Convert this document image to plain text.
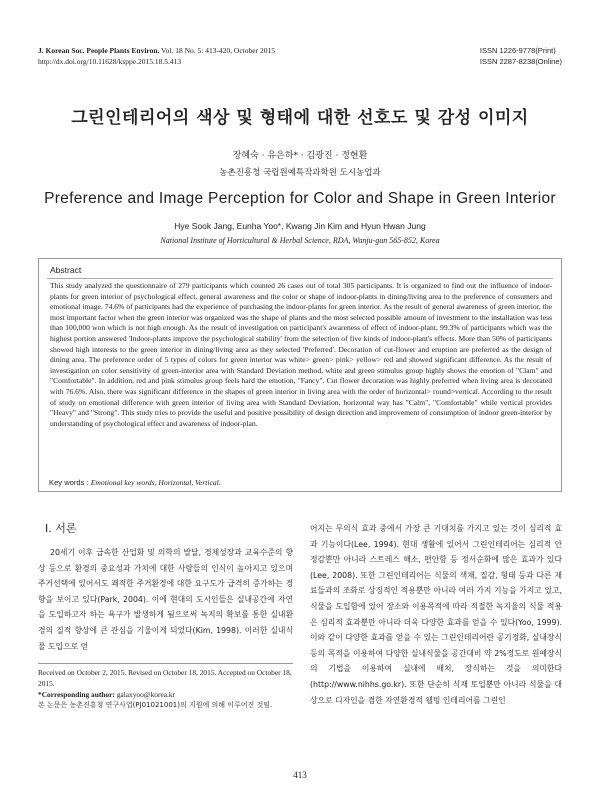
J. Korean Soc. People Plants Environ. Vol. 18 No. 5: 413-420, October 2015
http://dx.doi.org/10.11628/ksppe.2015.18.5.413
ISSN 1226-9778(Print)
ISSN 2287-8238(Online)
그린인테리어의 색상 및 형태에 대한 선호도 및 감성 이미지
장혜숙 · 유은하* · 김광진 · 정현환
농촌진흥청 국립원예특작과학원 도시농업과
Preference and Image Perception for Color and Shape in Green Interior
Hye Sook Jang, Eunha Yoo*, Kwang Jin Kim and Hyun Hwan Jung
National Institute of Horticultural & Herbal Science, RDA, Wanju-gun 565-852, Korea
Abstract
This study analyzed the questionnaire of 279 participants which counted 26 cases out of total 305 participants. It is organized to find out the influence of indoor-plants for green interior of psychological effect, general awareness and the color or shape of indoor-plants in dining/living area to the preference of consumers and emotional image. 74.6% of participants had the experience of purchasing the indoor-plants for green interior. As the result of general awareness of green interior, the most important factor when the green interior was organized was the shape of plants and the most selected possible amount of investment to the installation was less than 100,000 won which is not high enough. As the result of investigation on participant's awareness of effect of indoor-plant, 99.3% of participants which was the highest portion answered 'Indoor-plants improve the psychological stability' from the selection of five kinds of indoor-plant's effects. More than 50% of participants showed high interests to the green interior in dining/living area as they selected 'Preferred'. Decoration of cut-flower and eruption are preferred as the design of dining area. The preference order of 5 types of colors for green interior was white> green> pink> yellow> red and showed significant difference. As the result of investigation on color sensitivity of green-interior area with Standard Deviation method, white and green stimulus group highly shows the emotion of "Clam" and "Comfortable". In addition, red and pink stimulus group feels hard the emotion, "Fancy". Cut flower decoration was highly preferred when living area is decorated with 76.6%. Also, there was significant difference in the shapes of green interior in living area with the order of horizontal> round>vertical. According to the result of study on emotional difference with green interior of living area with Standard Deviation, horizontal way has "Calm", "Comfortable" while vertical provides "Heavy" and "Strong". This study tries to provide the useful and positive possibility of design direction and improvement of consumption of indoor green-interior by understanding of psychological effect and awareness of indoor-plan.
Key words : Emotional key words, Horizontal, Vertical.
Ⅰ. 서론
20세기 이후 급속한 산업화 및 의학의 발달, 경제성장과 교육수준의 향상 등으로 환경의 중요성과 가치에 대한 사람들의 인식이 높아지고 있으며 주거선택에 있어서도 쾌적한 주거환경에 대한 요구도가 급격히 증가하는 경향을 보이고 있다(Park, 2004). 이에 현대의 도시인들은 실내공간에 자연을 도입하고자 하는 욕구가 발생하게 됨으로써 녹지의 확보를 통한 실내환경의 질적 향상에 큰 관심을 기울이게 되었다(Kim, 1998). 이러한 실내식물 도입으로 얻
어지는 무의식 효과 중에서 가장 큰 기대치를 가지고 있는 것이 심리적 효과 기능이다(Lee, 1994). 현대 생활에 있어서 그린인테리어는 심리적 안정감뿐만 아니라 스트레스 해소, 편안함 등 정서순화에 많은 효과가 있다(Lee, 2008). 또한 그린인테리어는 식물의 색채, 질감, 형태 등과 다른 재료들과의 조화로 상징적인 적용뿐만 아니라 여러 가지 기능을 가지고 있고, 식물을 도입함에 있어 장소와 이용목적에 따라 적절한 녹지율의 식물 적용은 심리적 효과뿐만 아니라 더욱 다양한 효과를 얻을 수 있다(Yoo, 1999). 이와 같이 다양한 효과를 얻을 수 있는 그린인테리어란 공기정화, 실내장식 등의 목적을 이용하여 다양한 실내식물을 공간대비 약 2%정도로 원예장식의 기법을 이용하여 실내에 배치, 장식하는 것을 의미한다 (http://www.nihhs.go.kr). 또한 단순히 식재 토입뿐만 아니라 식물을 대상으로 디자인을 겸한 자연환경적 웰빙 인테리어를 그린인
Received on October 2, 2015. Revised on October 18, 2015. Accepted on October 18, 2015.
*Corresponding author: galaxyoo@korea.kr
본 논문은 농촌진흥청 연구사업(PJ01021001)의 지원에 의해 이루어진 것임.
413
